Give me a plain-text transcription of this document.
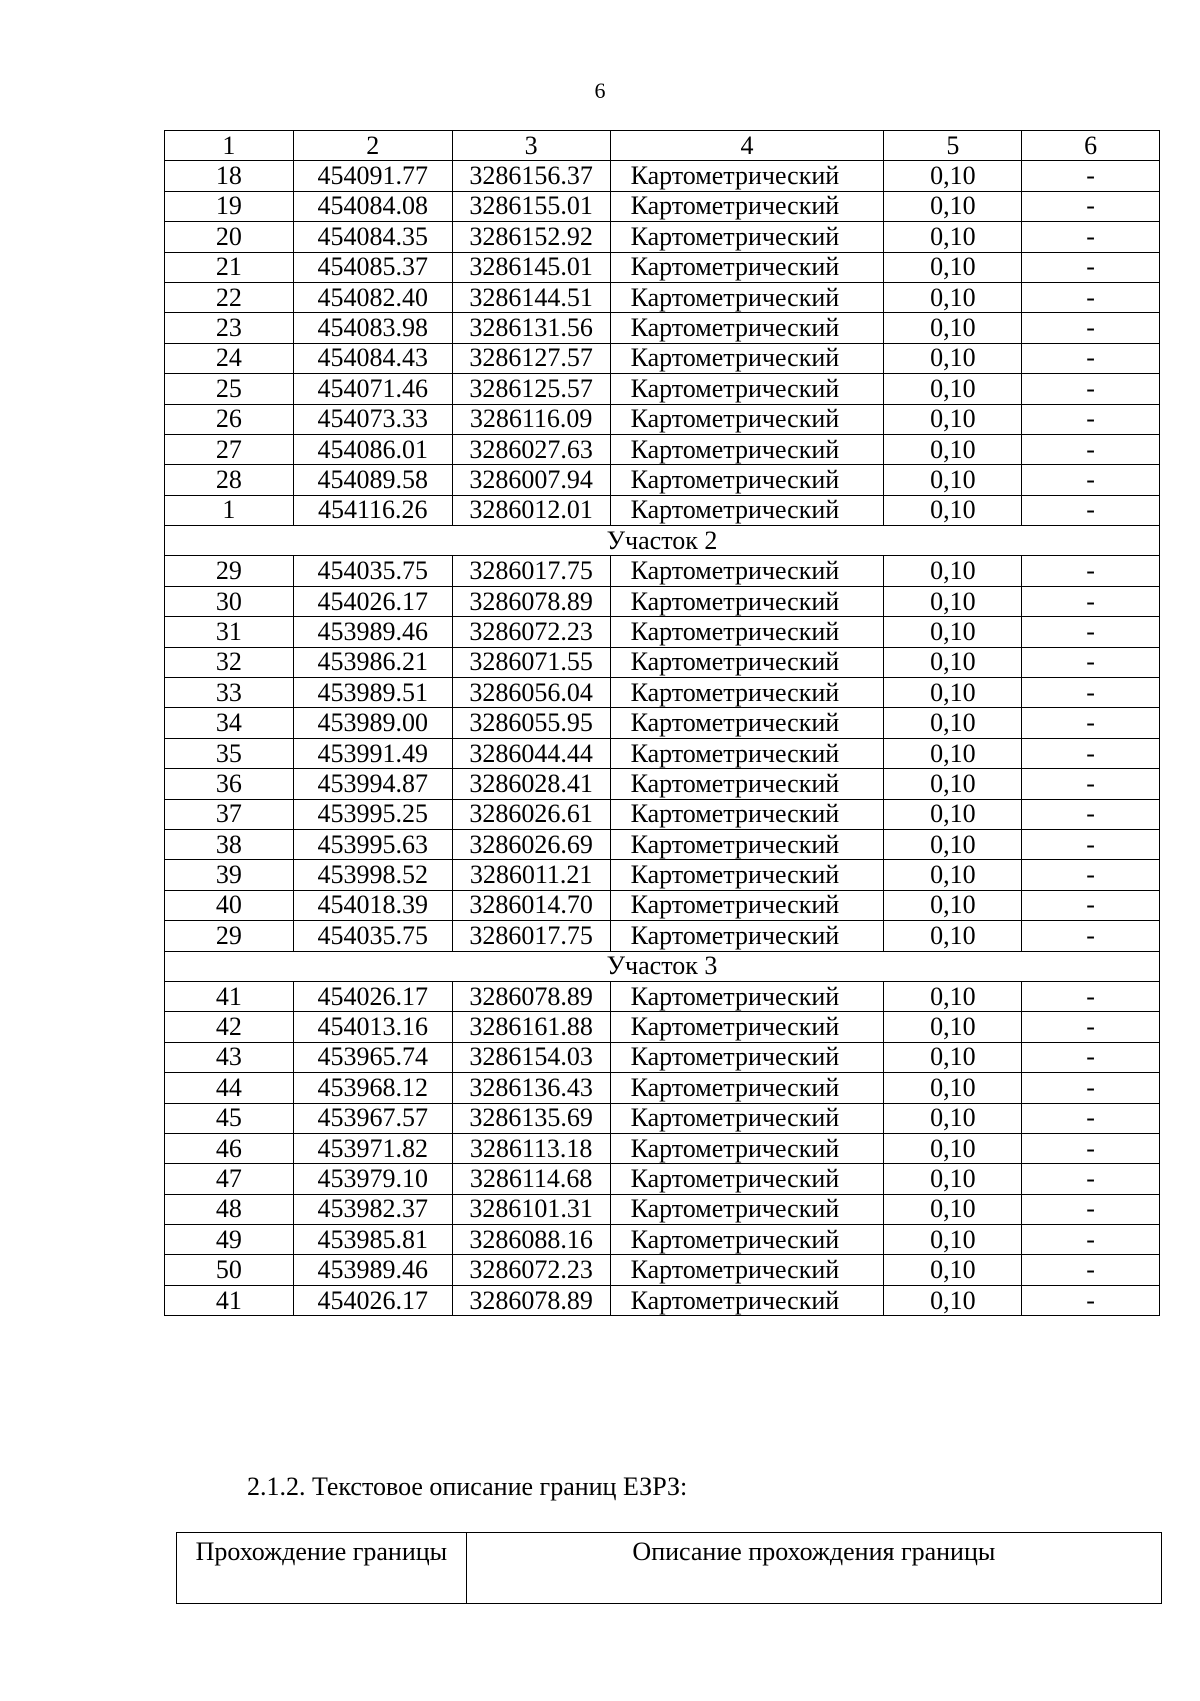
6
1	2	3	4	5	6
18	454091.77	3286156.37	Картометрический	0,10	-
19	454084.08	3286155.01	Картометрический	0,10	-
20	454084.35	3286152.92	Картометрический	0,10	-
21	454085.37	3286145.01	Картометрический	0,10	-
22	454082.40	3286144.51	Картометрический	0,10	-
23	454083.98	3286131.56	Картометрический	0,10	-
24	454084.43	3286127.57	Картометрический	0,10	-
25	454071.46	3286125.57	Картометрический	0,10	-
26	454073.33	3286116.09	Картометрический	0,10	-
27	454086.01	3286027.63	Картометрический	0,10	-
28	454089.58	3286007.94	Картометрический	0,10	-
1	454116.26	3286012.01	Картометрический	0,10	-
Участок 2					
29	454035.75	3286017.75	Картометрический	0,10	-
30	454026.17	3286078.89	Картометрический	0,10	-
31	453989.46	3286072.23	Картометрический	0,10	-
32	453986.21	3286071.55	Картометрический	0,10	-
33	453989.51	3286056.04	Картометрический	0,10	-
34	453989.00	3286055.95	Картометрический	0,10	-
35	453991.49	3286044.44	Картометрический	0,10	-
36	453994.87	3286028.41	Картометрический	0,10	-
37	453995.25	3286026.61	Картометрический	0,10	-
38	453995.63	3286026.69	Картометрический	0,10	-
39	453998.52	3286011.21	Картометрический	0,10	-
40	454018.39	3286014.70	Картометрический	0,10	-
29	454035.75	3286017.75	Картометрический	0,10	-
Участок 3					
41	454026.17	3286078.89	Картометрический	0,10	-
42	454013.16	3286161.88	Картометрический	0,10	-
43	453965.74	3286154.03	Картометрический	0,10	-
44	453968.12	3286136.43	Картометрический	0,10	-
45	453967.57	3286135.69	Картометрический	0,10	-
46	453971.82	3286113.18	Картометрический	0,10	-
47	453979.10	3286114.68	Картометрический	0,10	-
48	453982.37	3286101.31	Картометрический	0,10	-
49	453985.81	3286088.16	Картометрический	0,10	-
50	453989.46	3286072.23	Картометрический	0,10	-
41	454026.17	3286078.89	Картометрический	0,10	-
2.1.2. Текстовое описание границ ЕЗРЗ:
Прохождение границы	Описание прохождения границы
